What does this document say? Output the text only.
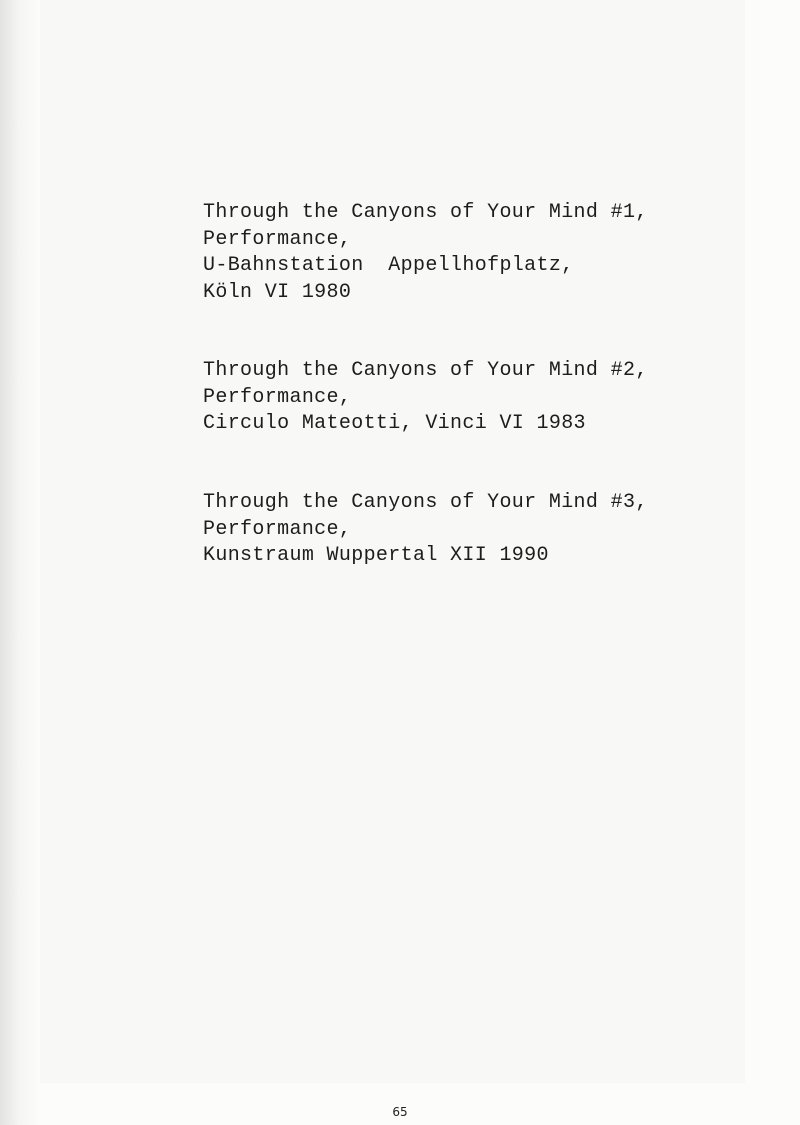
Through the Canyons of Your Mind #1,
Performance,
U-Bahnstation  Appellhofplatz,
Köln VI 1980
Through the Canyons of Your Mind #2,
Performance,
Circulo Mateotti, Vinci VI 1983
Through the Canyons of Your Mind #3,
Performance,
Kunstraum Wuppertal XII 1990
65
